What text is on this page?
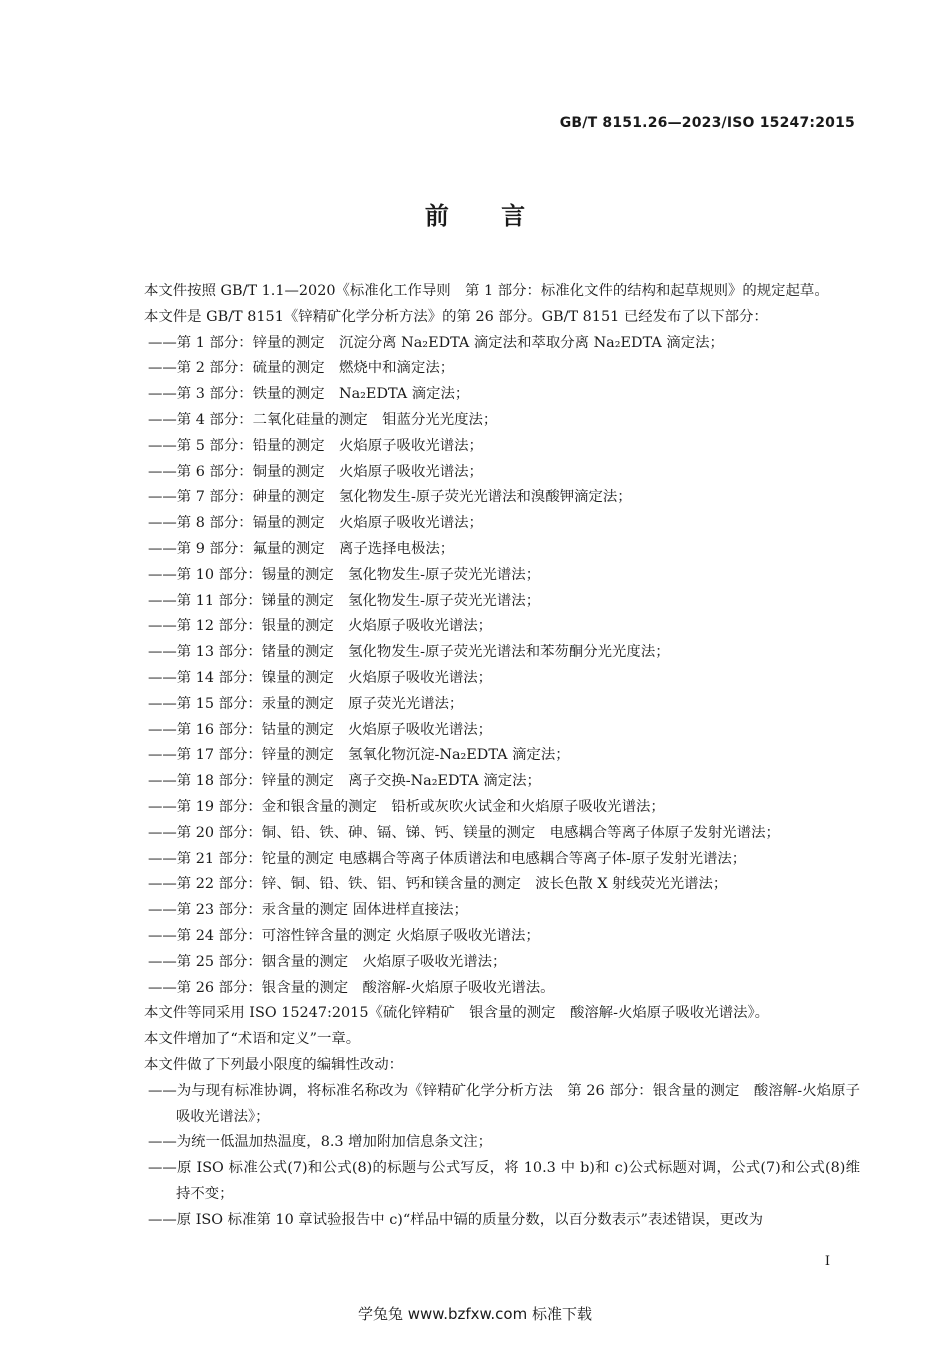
GB/T 8151.26—2023/ISO 15247:2015
前 言

本文件按照 GB/T 1.1—2020《标准化工作导则　第 1 部分：标准化文件的结构和起草规则》的规定起草。

本文件是 GB/T 8151《锌精矿化学分析方法》的第 26 部分。GB/T 8151 已经发布了以下部分：

——第 1 部分：锌量的测定　沉淀分离 Na₂EDTA 滴定法和萃取分离 Na₂EDTA 滴定法；
——第 2 部分：硫量的测定　燃烧中和滴定法；
——第 3 部分：铁量的测定　Na₂EDTA 滴定法；
——第 4 部分：二氧化硅量的测定　钼蓝分光光度法；
——第 5 部分：铅量的测定　火焰原子吸收光谱法；
——第 6 部分：铜量的测定　火焰原子吸收光谱法；
——第 7 部分：砷量的测定　氢化物发生-原子荧光光谱法和溴酸钾滴定法；
——第 8 部分：镉量的测定　火焰原子吸收光谱法；
——第 9 部分：氟量的测定　离子选择电极法；
——第 10 部分：锡量的测定　氢化物发生-原子荧光光谱法；
——第 11 部分：锑量的测定　氢化物发生-原子荧光光谱法；
——第 12 部分：银量的测定　火焰原子吸收光谱法；
——第 13 部分：锗量的测定　氢化物发生-原子荧光光谱法和苯芴酮分光光度法；
——第 14 部分：镍量的测定　火焰原子吸收光谱法；
——第 15 部分：汞量的测定　原子荧光光谱法；
——第 16 部分：钴量的测定　火焰原子吸收光谱法；
——第 17 部分：锌量的测定　氢氧化物沉淀-Na₂EDTA 滴定法；
——第 18 部分：锌量的测定　离子交换-Na₂EDTA 滴定法；
——第 19 部分：金和银含量的测定　铅析或灰吹火试金和火焰原子吸收光谱法；
——第 20 部分：铜、铅、铁、砷、镉、锑、钙、镁量的测定　电感耦合等离子体原子发射光谱法；
——第 21 部分：铊量的测定 电感耦合等离子体质谱法和电感耦合等离子体-原子发射光谱法；
——第 22 部分：锌、铜、铅、铁、铝、钙和镁含量的测定　波长色散 X 射线荧光光谱法；
——第 23 部分：汞含量的测定 固体进样直接法；
——第 24 部分：可溶性锌含量的测定 火焰原子吸收光谱法；
——第 25 部分：铟含量的测定　火焰原子吸收光谱法；
——第 26 部分：银含量的测定　酸溶解-火焰原子吸收光谱法。

本文件等同采用 ISO 15247:2015《硫化锌精矿　银含量的测定　酸溶解-火焰原子吸收光谱法》。

本文件增加了“术语和定义”一章。

本文件做了下列最小限度的编辑性改动：

——为与现有标准协调，将标准名称改为《锌精矿化学分析方法　第 26 部分：银含量的测定　酸溶解-火焰原子吸收光谱法》；
——为统一低温加热温度，8.3 增加附加信息条文注；
——原 ISO 标准公式(7)和公式(8)的标题与公式写反，将 10.3 中 b)和 c)公式标题对调，公式(7)和公式(8)维持不变；
——原 ISO 标准第 10 章试验报告中 c)“样品中镉的质量分数，以百分数表示”表述错误，更改为
I
学兔兔 www.bzfxw.com 标准下载
